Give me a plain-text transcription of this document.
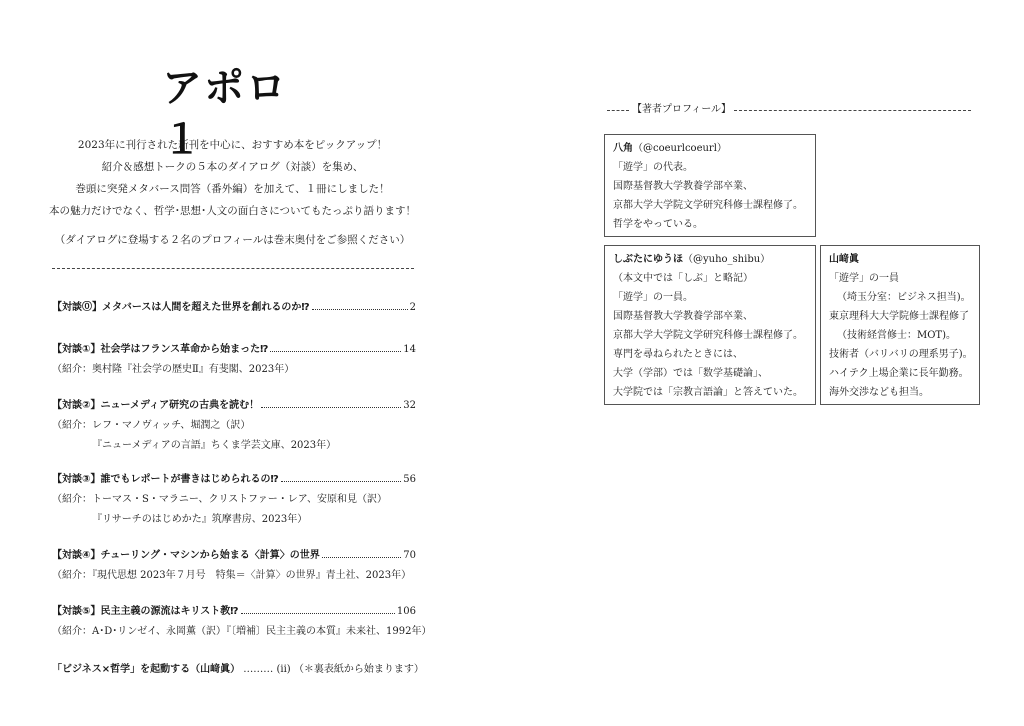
アポロ１
2023年に刊行された新刊を中心に、おすすめ本をピックアップ！
紹介＆感想トークの５本のダイアログ（対談）を集め、
巻頭に突発メタバース問答（番外編）を加えて、１冊にしました！
本の魅力だけでなく、哲学･思想･人文の面白さについてもたっぷり語ります！
（ダイアログに登場する２名のプロフィールは巻末奥付をご参照ください）
【対談⓪】メタバースは人間を超えた世界を創れるのか⁉	2
【対談①】社会学はフランス革命から始まった⁉	14
（紹介：奥村隆『社会学の歴史Ⅱ』有斐閣、2023年）
【対談②】ニューメディア研究の古典を読む！	32
（紹介：レフ・マノヴィッチ、堀潤之（訳）
『ニューメディアの言語』ちくま学芸文庫、2023年）
【対談③】誰でもレポートが書きはじめられるの⁉	56
（紹介：トーマス・S・マラニー、クリストファー・レア、安原和見（訳）
『リサーチのはじめかた』筑摩書房、2023年）
【対談④】チューリング・マシンから始まる〈計算〉の世界	70
（紹介：『現代思想 2023年７月号　特集＝〈計算〉の世界』青土社、2023年）
【対談⑤】民主主義の源流はキリスト教⁉	106
（紹介：A･D･リンゼイ、永岡薫（訳）『〔増補〕民主主義の本質』未来社、1992年）
「ビジネス×哲学」を起動する（山﨑眞） ……… (ii) （＊裏表紙から始まります）
【著者プロフィール】
八角（@coeurlcoeurl）
「遊学」の代表。
国際基督教大学教養学部卒業、
京都大学大学院文学研究科修士課程修了。
哲学をやっている。
しぶたにゆうほ（@yuho_shibu）
（本文中では「しぶ」と略記）
「遊学」の一員。
国際基督教大学教養学部卒業、
京都大学大学院文学研究科修士課程修了。
専門を尋ねられたときには、
大学（学部）では「数学基礎論」、
大学院では「宗教言語論」と答えていた。
山﨑眞
「遊学」の一員
（埼玉分室：ビジネス担当)。
東京理科大大学院修士課程修了
（技術経営修士：MOT)。
技術者（バリバリの理系男子)。
ハイテク上場企業に長年勤務。
海外交渉なども担当。
